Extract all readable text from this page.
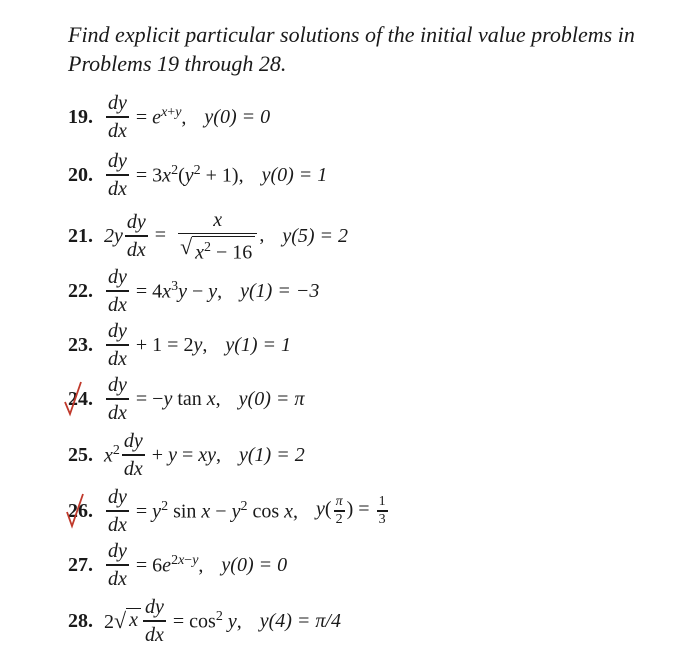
Find explicit particular solutions of the initial value problems in Problems 19 through 28.
19. $\frac{dy}{dx} = e^{x+y}$, y(0) = 0
20. $\frac{dy}{dx} = 3x^2(y^2 + 1)$, y(0) = 1
21. $2y \frac{dy}{dx} = \frac{x}{√ x^2 - 16}$ , y(5) = 2
22. $\frac{dy}{dx} = 4x^3y - y$, y(1) = −3
23. $\frac{dy}{dx} + 1 = 2y$, y(1) = 1
24. $\frac{dy}{dx} = -y$ tan x, y(0) = π
25. $x^2 \frac{dy}{dx} + y$ = xy, y(1) = 2
26. $\frac{dy}{dx} = y^2$ $\sin x - y^2$ cos x, $y( \frac{\pi}{2}$ ) = $\frac{1}{3}$
27. $\frac{dy}{dx} = 6e^{2x-y}$, y(0) = 0
28. 2 √ x $\frac{dy}{dx} = \cos^2 y$, y(4) = π/4
